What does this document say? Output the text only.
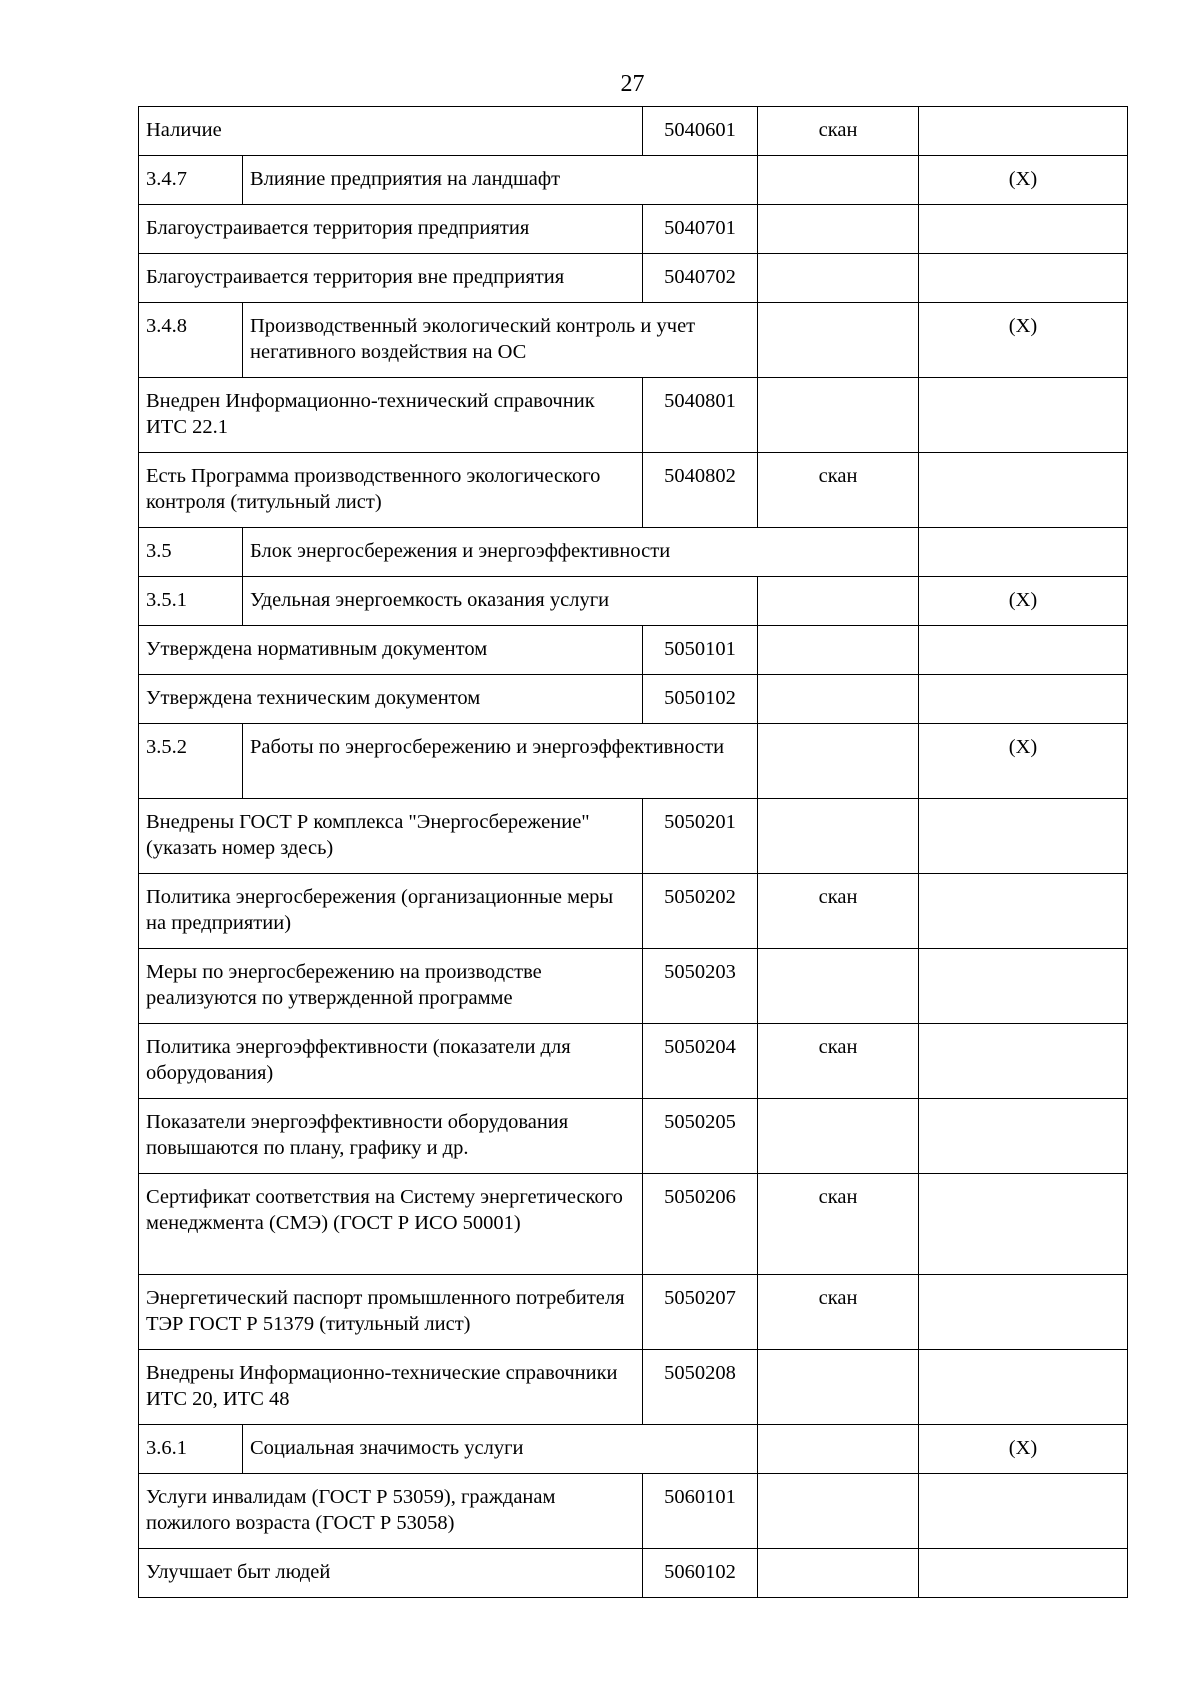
27
Наличие		5040601	скан	
3.4.7	Влияние предприятия на ландшафт			(X)
Благоустраивается территория предприятия		5040701		
Благоустраивается территория вне предприятия		5040702		
3.4.8	Производственный экологический контроль и учет негативного воздействия на ОС			(X)
Внедрен Информационно-технический справочник ИТС 22.1		5040801		
Есть Программа производственного экологического контроля (титульный лист)		5040802	скан	
3.5	Блок энергосбережения и энергоэффективности			
3.5.1	Удельная энергоемкость оказания услуги			(X)
Утверждена нормативным документом		5050101		
Утверждена техническим документом		5050102		
3.5.2	Работы по энергосбережению и энергоэффективности			(X)
Внедрены ГОСТ Р комплекса "Энергосбережение" (указать номер здесь)		5050201		
Политика энергосбережения (организационные меры на предприятии)		5050202	скан	
Меры по энергосбережению на производстве реализуются по утвержденной программе		5050203		
Политика энергоэффективности (показатели для оборудования)		5050204	скан	
Показатели энергоэффективности оборудования повышаются по плану, графику и др.		5050205		
Сертификат соответствия на Систему энергетического менеджмента (СМЭ) (ГОСТ Р ИСО 50001)		5050206	скан	
Энергетический паспорт промышленного потребителя ТЭР ГОСТ Р 51379 (титульный лист)		5050207	скан	
Внедрены Информационно-технические справочники ИТС 20, ИТС 48		5050208		
3.6.1	Социальная значимость услуги			(X)
Услуги инвалидам (ГОСТ Р 53059), гражданам пожилого возраста (ГОСТ Р 53058)		5060101		
Улучшает быт людей		5060102		
